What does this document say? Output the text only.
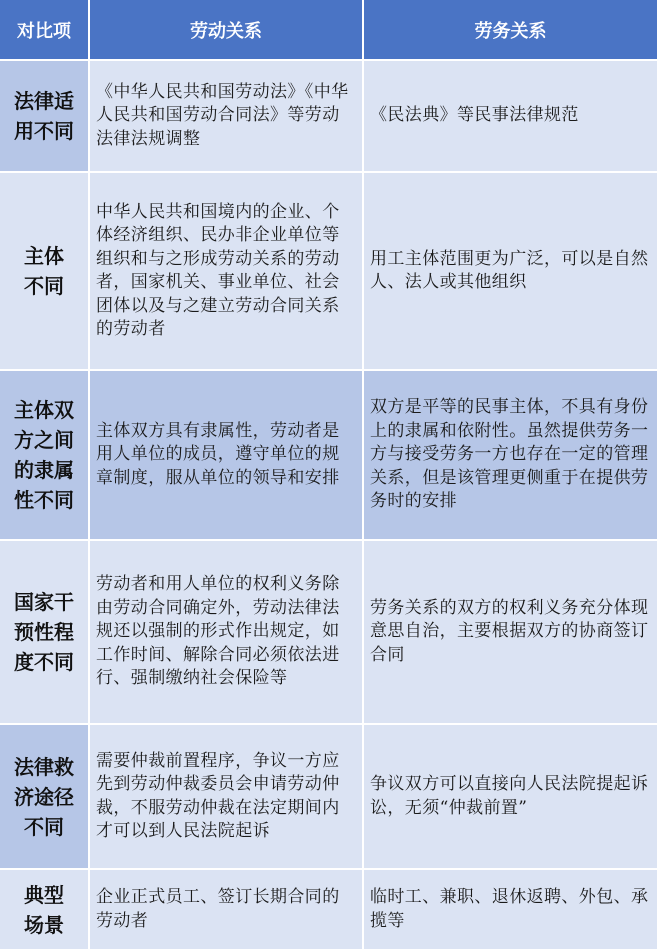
对比项	劳动关系	劳务关系
法律适用不同
《中华人民共和国劳动法》《中华人民共和国劳动合同法》等劳动法律法规调整
《民法典》等民事法律规范
主体不同
中华人民共和国境内的企业、个体经济组织、民办非企业单位等组织和与之形成劳动关系的劳动者，国家机关、事业单位、社会团体以及与之建立劳动合同关系的劳动者
用工主体范围更为广泛，可以是自然人、法人或其他组织
主体双方之间的隶属性不同
主体双方具有隶属性，劳动者是用人单位的成员，遵守单位的规章制度，服从单位的领导和安排
双方是平等的民事主体，不具有身份上的隶属和依附性。虽然提供劳务一方与接受劳务一方也存在一定的管理关系，但是该管理更侧重于在提供劳务时的安排
国家干预性程度不同
劳动者和用人单位的权利义务除由劳动合同确定外，劳动法律法规还以强制的形式作出规定，如工作时间、解除合同必须依法进行、强制缴纳社会保险等
劳务关系的双方的权利义务充分体现意思自治，主要根据双方的协商签订合同
法律救济途径不同
需要仲裁前置程序，争议一方应先到劳动仲裁委员会申请劳动仲裁，不服劳动仲裁在法定期间内才可以到人民法院起诉
争议双方可以直接向人民法院提起诉讼，无须“仲裁前置”
典型场景
企业正式员工、签订长期合同的劳动者
临时工、兼职、退休返聘、外包、承揽等
